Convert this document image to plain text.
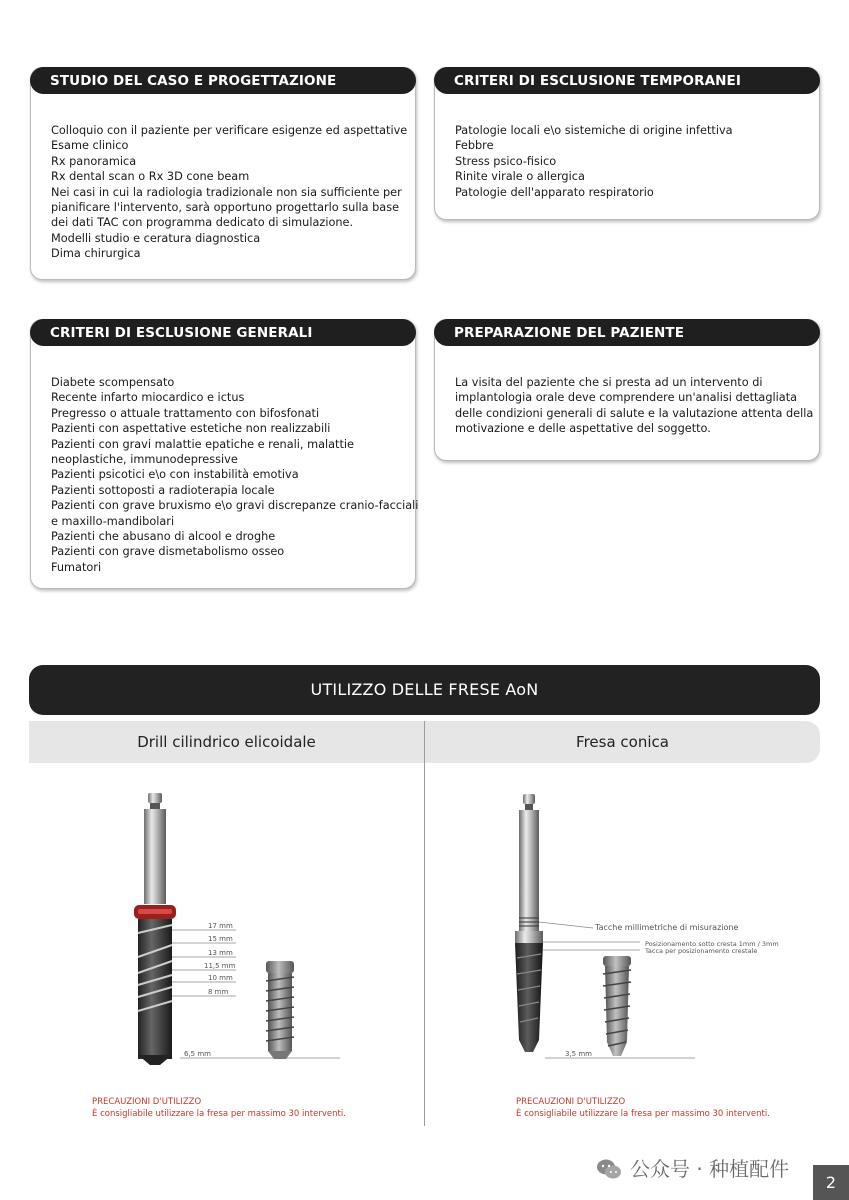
STUDIO DEL CASO E PROGETTAZIONE
Colloquio con il paziente per verificare esigenze ed aspettative
Esame clinico
Rx panoramica
Rx dental scan o Rx 3D cone beam
Nei casi in cui la radiologia tradizionale non sia sufficiente per
pianificare l'intervento, sarà opportuno progettarlo sulla base
dei dati TAC con programma dedicato di simulazione.
Modelli studio e ceratura diagnostica
Dima chirurgica
CRITERI DI ESCLUSIONE TEMPORANEI
Patologie locali e\o sistemiche di origine infettiva
Febbre
Stress psico-fisico
Rinite virale o allergica
Patologie dell'apparato respiratorio
CRITERI DI ESCLUSIONE GENERALI
Diabete scompensato
Recente infarto miocardico e ictus
Pregresso o attuale trattamento con bifosfonati
Pazienti con aspettative estetiche non realizzabili
Pazienti con gravi malattie epatiche e renali, malattie
neoplastiche, immunodepressive
Pazienti psicotici e\o con instabilità emotiva
Pazienti sottoposti a radioterapia locale
Pazienti con grave bruxismo e\o gravi discrepanze cranio-facciali
e maxillo-mandibolari
Pazienti che abusano di alcool e droghe
Pazienti con grave dismetabolismo osseo
Fumatori
PREPARAZIONE DEL PAZIENTE
La visita del paziente che si presta ad un intervento di
implantologia orale deve comprendere un'analisi dettagliata
delle condizioni generali di salute e la valutazione attenta della
motivazione e delle aspettative del soggetto.
UTILIZZO DELLE FRESE AoN
Drill cilindrico elicoidale	Fresa conica
17 mm
15 mm
13 mm
11,5 mm
10 mm
8 mm
6,5 mm
Tacche millimetriche di misurazione
Posizionamento sotto cresta 1mm / 3mm
Tacca per posizionamento crestale
3,5 mm
PRECAUZIONI D'UTILIZZO
È consigliabile utilizzare la fresa per massimo 30 interventi.
PRECAUZIONI D'UTILIZZO
È consigliabile utilizzare la fresa per massimo 30 interventi.
公众号 · 种植配件
2
